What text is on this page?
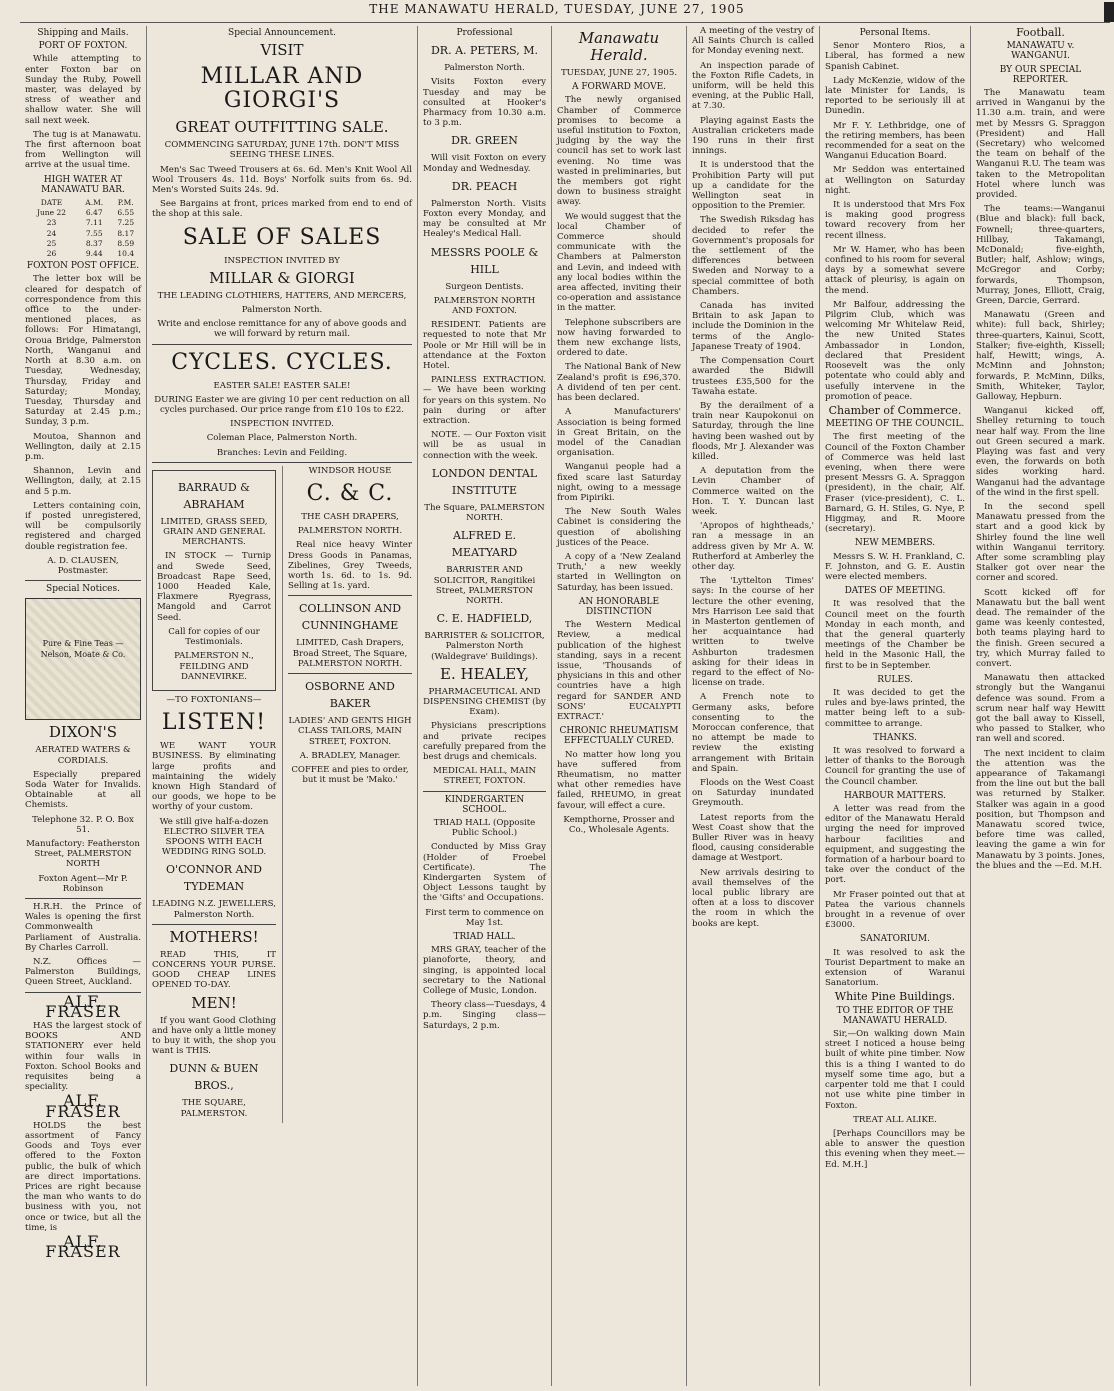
THE MANAWATU HERALD, TUESDAY, JUNE 27, 1905
Shipping and Mails.
PORT OF FOXTON.

While attempting to enter Foxton bar on Sunday the Ruby, Powell master, was delayed by stress of weather and shallow water. She will sail next week.

The tug is at Manawatu. The first afternoon boat from Wellington will arrive at the usual time.

HIGH WATER AT MANAWATU BAR.
DATE	A.M.	P.M.
June 22	6.47	6.55
23	7.11	7.25
24	7.55	8.17
25	8.37	8.59
26	9.44	10.4
FOXTON POST OFFICE.

The letter box will be cleared for despatch of correspondence from this office to the under-mentioned places, as follows: For Himatangi, Oroua Bridge, Palmerston North, Wanganui and North at 8.30 a.m. on Tuesday, Wednesday, Thursday, Friday and Saturday; Monday, Tuesday, Thursday and Saturday at 2.45 p.m.; Sunday, 3 p.m.

Moutoa, Shannon and Wellington, daily at 2.15 p.m.

Shannon, Levin and Wellington, daily, at 2.15 and 5 p.m.

Letters containing coin, if posted unregistered, will be compulsorily registered and charged double registration fee.

A. D. CLAUSEN, Postmaster.

Special Notices.
Pure & Fine Teas — Nelson, Moate & Co.
DIXON'S

AERATED WATERS & CORDIALS.

Especially prepared Soda Water for Invalids. Obtainable at all Chemists.

Telephone 32. P. O. Box 51.

Manufactory: Featherston Street, PALMERSTON NORTH

Foxton Agent—Mr P. Robinson

H.R.H. the Prince of Wales is opening the first Commonwealth Parliament of Australia. By Charles Carroll.

N.Z. Offices — Palmerston Buildings, Queen Street, Auckland.

ALF. FRASER

HAS the largest stock of BOOKS AND STATIONERY ever held within four walls in Foxton. School Books and requisites being a speciality.

ALF. FRASER

HOLDS the best assortment of Fancy Goods and Toys ever offered to the Foxton public, the bulk of which are direct importations. Prices are right because the man who wants to do business with you, not once or twice, but all the time, is

ALF. FRASER
Special Announcement.
VISIT
MILLAR AND GIORGI'S
GREAT OUTFITTING SALE.

COMMENCING SATURDAY, JUNE 17th. DON'T MISS SEEING THESE LINES.

Men's Sac Tweed Trousers at 6s. 6d. Men's Knit Wool All Wool Trousers 4s. 11d. Boys' Norfolk suits from 6s. 9d. Men's Worsted Suits 24s. 9d.

See Bargains at front, prices marked from end to end of the shop at this sale.

SALE OF SALES

INSPECTION INVITED BY

MILLAR & GIORGI

THE LEADING CLOTHIERS, HATTERS, AND MERCERS,

Palmerston North.

Write and enclose remittance for any of above goods and we will forward by return mail.

CYCLES. CYCLES.

EASTER SALE! EASTER SALE!

DURING Easter we are giving 10 per cent reduction on all cycles purchased. Our price range from £10 10s to £22.

INSPECTION INVITED.

Coleman Place, Palmerston North.

Branches: Levin and Feilding.

BARRAUD & ABRAHAM

LIMITED, GRASS SEED, GRAIN AND GENERAL MERCHANTS.

IN STOCK — Turnip and Swede Seed, Broadcast Rape Seed, 1000 Headed Kale, Flaxmere Ryegrass, Mangold and Carrot Seed.

Call for copies of our Testimonials.

PALMERSTON N., FEILDING AND DANNEVIRKE.

—TO FOXTONIANS—

LISTEN!

WE WANT YOUR BUSINESS. By eliminating large profits and maintaining the widely known High Standard of our goods, we hope to be worthy of your custom.

We still give half-a-dozen ELECTRO SILVER TEA SPOONS WITH EACH WEDDING RING SOLD.

O'CONNOR AND TYDEMAN

LEADING N.Z. JEWELLERS, Palmerston North.

MOTHERS!

READ THIS, IT CONCERNS YOUR PURSE. GOOD CHEAP LINES OPENED TO-DAY.

MEN!

If you want Good Clothing and have only a little money to buy it with, the shop you want is THIS.

DUNN & BUEN BROS.,

THE SQUARE, PALMERSTON.

WINDSOR HOUSE

C. & C.

THE CASH DRAPERS,

PALMERSTON NORTH.

Real nice heavy Winter Dress Goods in Panamas, Zibelines, Grey Tweeds, worth 1s. 6d. to 1s. 9d. Selling at 1s. yard.

COLLINSON AND CUNNINGHAME

LIMITED, Cash Drapers, Broad Street, The Square, PALMERSTON NORTH.

OSBORNE AND BAKER

LADIES' AND GENTS HIGH CLASS TAILORS, MAIN STREET, FOXTON.

A. BRADLEY, Manager.

COFFEE and pies to order, but it must be 'Mako.'

Professional
DR. A. PETERS, M.

Palmerston North.

Visits Foxton every Tuesday and may be consulted at Hooker's Pharmacy from 10.30 a.m. to 3 p.m.

DR. GREEN

Will visit Foxton on every Monday and Wednesday.

DR. PEACH

Palmerston North. Visits Foxton every Monday, and may be consulted at Mr Healey's Medical Hall.

MESSRS POOLE & HILL

Surgeon Dentists.

PALMERSTON NORTH AND FOXTON.

RESIDENT. Patients are requested to note that Mr Poole or Mr Hill will be in attendance at the Foxton Hotel.

PAINLESS EXTRACTION. — We have been working for years on this system. No pain during or after extraction.

NOTE. — Our Foxton visit will be as usual in connection with the week.

LONDON DENTAL INSTITUTE

The Square, PALMERSTON NORTH.

ALFRED E. MEATYARD

BARRISTER AND SOLICITOR, Rangitikei Street, PALMERSTON NORTH.

C. E. HADFIELD,

BARRISTER & SOLICITOR, Palmerston North (Waldegrave' Buildings).

E. HEALEY,

PHARMACEUTICAL AND DISPENSING CHEMIST (by Exam).

Physicians prescriptions and private recipes carefully prepared from the best drugs and chemicals.

MEDICAL HALL, MAIN STREET, FOXTON.

KINDERGARTEN SCHOOL.

TRIAD HALL (Opposite Public School.)

Conducted by Miss Gray (Holder of Froebel Certificate). The Kindergarten System of Object Lessons taught by the 'Gifts' and Occupations.

First term to commence on May 1st.

TRIAD HALL.

MRS GRAY, teacher of the pianoforte, theory, and singing, is appointed local secretary to the National College of Music, London.

Theory class—Tuesdays, 4 p.m. Singing class—Saturdays, 2 p.m.

Manawatu Herald.

TUESDAY, JUNE 27, 1905.

A FORWARD MOVE.

The newly organised Chamber of Commerce promises to become a useful institution to Foxton, judging by the way the council has set to work last evening. No time was wasted in preliminaries, but the members got right down to business straight away.

We would suggest that the local Chamber of Commerce should communicate with the Chambers at Palmerston and Levin, and indeed with any local bodies within the area affected, inviting their co-operation and assistance in the matter.

Telephone subscribers are now having forwarded to them new exchange lists, ordered to date.

The National Bank of New Zealand's profit is £96,370. A dividend of ten per cent. has been declared.

A Manufacturers' Association is being formed in Great Britain, on the model of the Canadian organisation.

Wanganui people had a fixed scare last Saturday night, owing to a message from Pipiriki.

The New South Wales Cabinet is considering the question of abolishing justices of the Peace.

A copy of a 'New Zealand Truth,' a new weekly started in Wellington on Saturday, has been issued.

AN HONORABLE DISTINCTION

The Western Medical Review, a medical publication of the highest standing, says in a recent issue, 'Thousands of physicians in this and other countries have a high regard for SANDER AND SONS' EUCALYPTI EXTRACT.'

CHRONIC RHEUMATISM EFFECTUALLY CURED.

No matter how long you have suffered from Rheumatism, no matter what other remedies have failed, RHEUMO, in great favour, will effect a cure.

Kempthorne, Prosser and Co., Wholesale Agents.

A meeting of the vestry of All Saints Church is called for Monday evening next.

An inspection parade of the Foxton Rifle Cadets, in uniform, will be held this evening, at the Public Hall, at 7.30.

Playing against Easts the Australian cricketers made 190 runs in their first innings.

It is understood that the Prohibition Party will put up a candidate for the Wellington seat in opposition to the Premier.

The Swedish Riksdag has decided to refer the Government's proposals for the settlement of the differences between Sweden and Norway to a special committee of both Chambers.

Canada has invited Britain to ask Japan to include the Dominion in the terms of the Anglo-Japanese Treaty of 1904.

The Compensation Court awarded the Bidwill trustees £35,500 for the Tawaha estate.

By the derailment of a train near Kaupokonui on Saturday, through the line having been washed out by floods, Mr J. Alexander was killed.

A deputation from the Levin Chamber of Commerce waited on the Hon. T. Y. Duncan last week.

'Apropos of hightheads,' ran a message in an address given by Mr A. W. Rutherford at Amberley the other day.

The 'Lyttelton Times' says: In the course of her lecture the other evening, Mrs Harrison Lee said that in Masterton gentlemen of her acquaintance had written to twelve Ashburton tradesmen asking for their ideas in regard to the effect of No-license on trade.

A French note to Germany asks, before consenting to the Moroccan conference, that no attempt be made to review the existing arrangement with Britain and Spain.

Floods on the West Coast on Saturday inundated Greymouth.

Latest reports from the West Coast show that the Buller River was in heavy flood, causing considerable damage at Westport.

New arrivals desiring to avail themselves of the local public library are often at a loss to discover the room in which the books are kept.

Personal Items.

Senor Montero Rios, a Liberal, has formed a new Spanish Cabinet.

Lady McKenzie, widow of the late Minister for Lands, is reported to be seriously ill at Dunedin.

Mr F. Y. Lethbridge, one of the retiring members, has been recommended for a seat on the Wanganui Education Board.

Mr Seddon was entertained at Wellington on Saturday night.

It is understood that Mrs Fox is making good progress toward recovery from her recent illness.

Mr W. Hamer, who has been confined to his room for several days by a somewhat severe attack of pleurisy, is again on the mend.

Mr Balfour, addressing the Pilgrim Club, which was welcoming Mr Whitelaw Reid, the new United States Ambassador in London, declared that President Roosevelt was the only potentate who could ably and usefully intervene in the promotion of peace.

Chamber of Commerce.
MEETING OF THE COUNCIL.

The first meeting of the Council of the Foxton Chamber of Commerce was held last evening, when there were present Messrs G. A. Spraggon (president), in the chair, Alf. Fraser (vice-president), C. L. Barnard, G. H. Stiles, G. Nye, P. Higgmay, and R. Moore (secretary).

NEW MEMBERS.

Messrs S. W. H. Frankland, C. F. Johnston, and G. E. Austin were elected members.

DATES OF MEETING.

It was resolved that the Council meet on the fourth Monday in each month, and that the general quarterly meetings of the Chamber be held in the Masonic Hall, the first to be in September.

RULES.

It was decided to get the rules and bye-laws printed, the matter being left to a sub-committee to arrange.

THANKS.

It was resolved to forward a letter of thanks to the Borough Council for granting the use of the Council chamber.

HARBOUR MATTERS.

A letter was read from the editor of the Manawatu Herald urging the need for improved harbour facilities and equipment, and suggesting the formation of a harbour board to take over the conduct of the port.

Mr Fraser pointed out that at Patea the various channels brought in a revenue of over £3000.

SANATORIUM.

It was resolved to ask the Tourist Department to make an extension of Waranui Sanatorium.

White Pine Buildings.
TO THE EDITOR OF THE MANAWATU HERALD.

Sir,—On walking down Main street I noticed a house being built of white pine timber. Now this is a thing I wanted to do myself some time ago, but a carpenter told me that I could not use white pine timber in Foxton.

TREAT ALL ALIKE.

[Perhaps Councillors may be able to answer the question this evening when they meet.—Ed. M.H.]

Football.
MANAWATU v. WANGANUI.
BY OUR SPECIAL REPORTER.

The Manawatu team arrived in Wanganui by the 11.30 a.m. train, and were met by Messrs G. Spraggon (President) and Hall (Secretary) who welcomed the team on behalf of the Wanganui R.U. The team was taken to the Metropolitan Hotel where lunch was provided.

The teams:—Wanganui (Blue and black): full back, Fownell; three-quarters, Hillbay, Takamangi, McDonald; five-eighth, Butler; half, Ashlow; wings, McGregor and Corby; forwards, Thompson, Murray, Jones, Elliott, Craig, Green, Darcie, Gerrard.

Manawatu (Green and white): full back, Shirley; three-quarters, Kainui, Scott, Stalker; five-eighth, Kissell; half, Hewitt; wings, A. McMinn and Johnston; forwards, P. McMinn, Dilks, Smith, Whiteker, Taylor, Galloway, Hepburn.

Wanganui kicked off, Shelley returning to touch near half way. From the line out Green secured a mark. Playing was fast and very even, the forwards on both sides working hard. Wanganui had the advantage of the wind in the first spell.

In the second spell Manawatu pressed from the start and a good kick by Shirley found the line well within Wanganui territory. After some scrambling play Stalker got over near the corner and scored.

Scott kicked off for Manawatu but the ball went dead. The remainder of the game was keenly contested, both teams playing hard to the finish. Green secured a try, which Murray failed to convert.

Manawatu then attacked strongly but the Wanganui defence was sound. From a scrum near half way Hewitt got the ball away to Kissell, who passed to Stalker, who ran well and scored.

The next incident to claim the attention was the appearance of Takamangi from the line out but the ball was returned by Stalker. Stalker was again in a good position, but Thompson and Manawatu scored twice, before time was called, leaving the game a win for Manawatu by 3 points. Jones, the blues and the —Ed. M.H.
